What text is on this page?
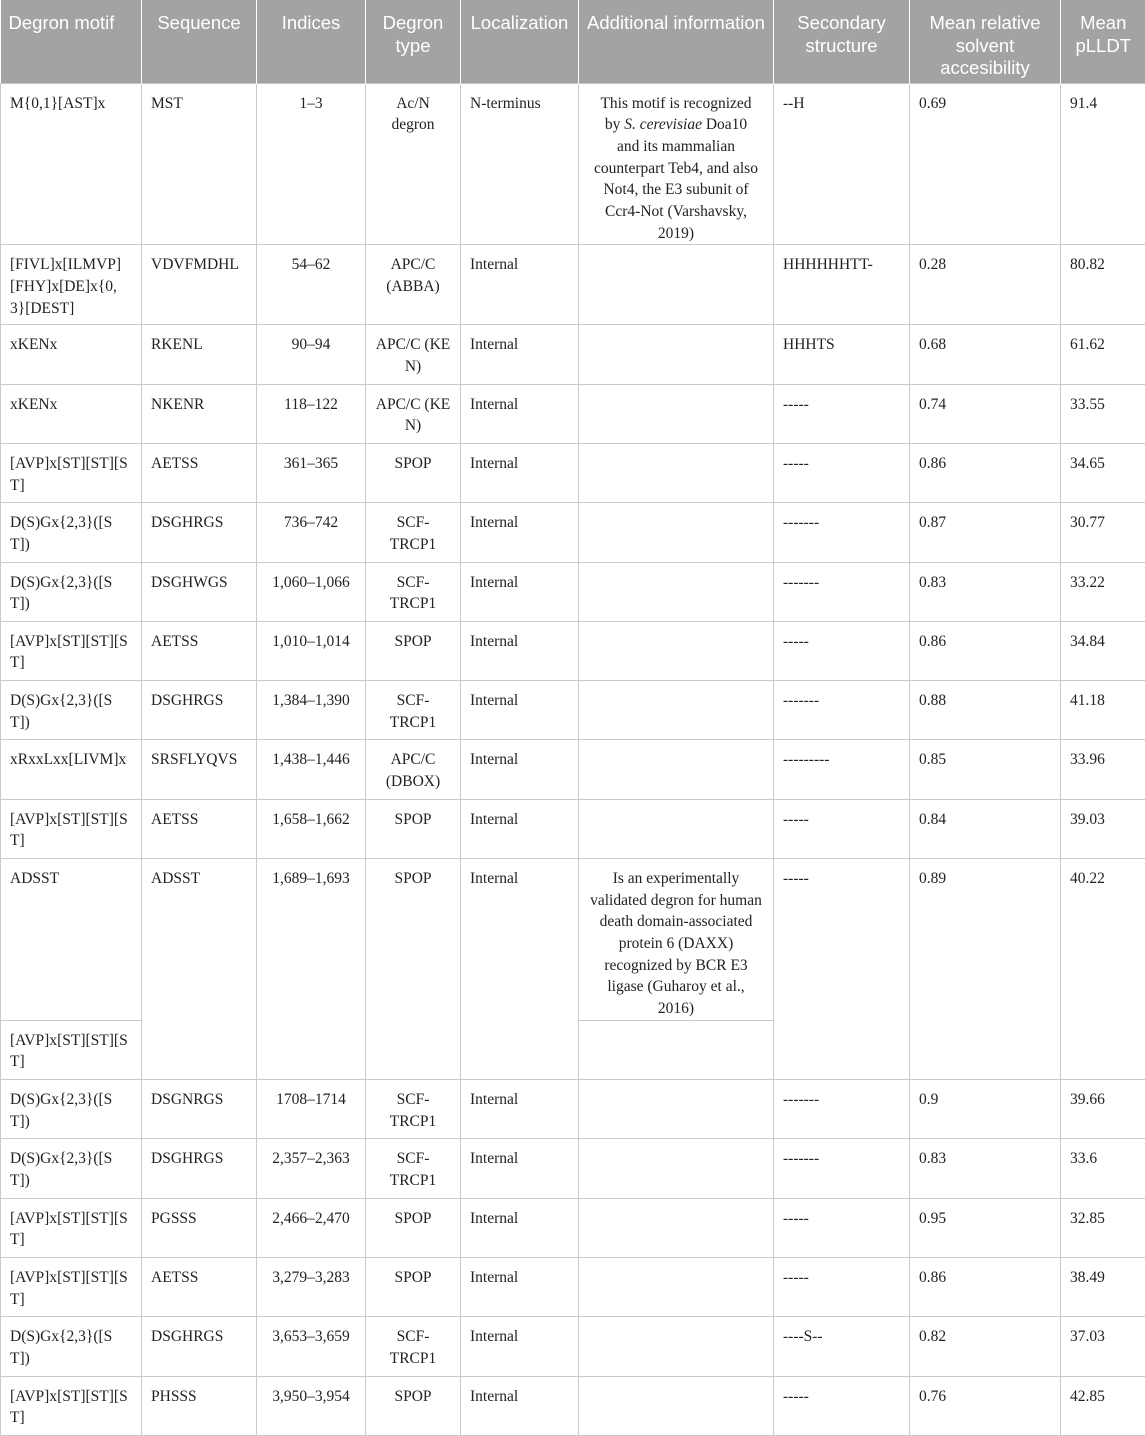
Degron motif	Sequence	Indices	Degron type	Localization	Additional information	Secondary structure	Mean relative solvent accesibility	Mean pLLDT
M{0,1}[AST]x	MST	1–3	Ac/N degron	N-terminus	This motif is recognized by S. cerevisiae Doa10 and its mammalian counterpart Teb4, and also Not4, the E3 subunit of Ccr4-Not (Varshavsky, 2019)	--H	0.69	91.4
[FIVL]x[ILMVP][FHY]x[DE]x{0,3}[DEST]	VDVFMDHL	54–62	APC/C (ABBA)	Internal		HHHHHHTT-	0.28	80.82
xKENx	RKENL	90–94	APC/C (KEN)	Internal		HHHTS	0.68	61.62
xKENx	NKENR	118–122	APC/C (KEN)	Internal		-----	0.74	33.55
[AVP]x[ST][ST][ST]	AETSS	361–365	SPOP	Internal		-----	0.86	34.65
D(S)Gx{2,3}([ST])	DSGHRGS	736–742	SCF-TRCP1	Internal		-------	0.87	30.77
D(S)Gx{2,3}([ST])	DSGHWGS	1,060–1,066	SCF-TRCP1	Internal		-------	0.83	33.22
[AVP]x[ST][ST][ST]	AETSS	1,010–1,014	SPOP	Internal		-----	0.86	34.84
D(S)Gx{2,3}([ST])	DSGHRGS	1,384–1,390	SCF-TRCP1	Internal		-------	0.88	41.18
xRxxLxx[LIVM]x	SRSFLYQVS	1,438–1,446	APC/C (DBOX)	Internal		---------	0.85	33.96
[AVP]x[ST][ST][ST]	AETSS	1,658–1,662	SPOP	Internal		-----	0.84	39.03
ADSST	ADSST	1,689–1,693	SPOP	Internal	Is an experimentally validated degron for human death domain-associated protein 6 (DAXX) recognized by BCR E3 ligase (Guharoy et al., 2016)	-----	0.89	40.22
[AVP]x[ST][ST][ST]								
D(S)Gx{2,3}([ST])	DSGNRGS	1708–1714	SCF-TRCP1	Internal		-------	0.9	39.66
D(S)Gx{2,3}([ST])	DSGHRGS	2,357–2,363	SCF-TRCP1	Internal		-------	0.83	33.6
[AVP]x[ST][ST][ST]	PGSSS	2,466–2,470	SPOP	Internal		-----	0.95	32.85
[AVP]x[ST][ST][ST]	AETSS	3,279–3,283	SPOP	Internal		-----	0.86	38.49
D(S)Gx{2,3}([ST])	DSGHRGS	3,653–3,659	SCF-TRCP1	Internal		----S--	0.82	37.03
[AVP]x[ST][ST][ST]	PHSSS	3,950–3,954	SPOP	Internal		-----	0.76	42.85
